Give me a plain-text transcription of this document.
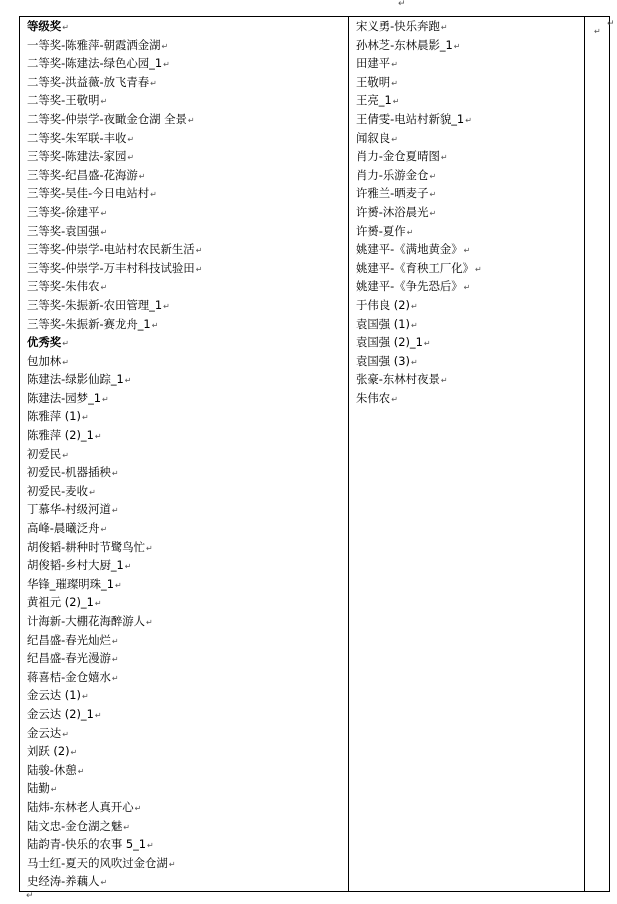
↵
等级奖↵
一等奖-陈雅萍-朝霞洒金湖↵
二等奖-陈建法-绿色心园_1↵
二等奖-洪益薇-放飞青春↵
二等奖-王敬明↵
二等奖-仲崇学-夜瞰金仓湖 全景↵
二等奖-朱军联-丰收↵
三等奖-陈建法-家园↵
三等奖-纪昌盛-花海游↵
三等奖-吴佳-今日电站村↵
三等奖-徐建平↵
三等奖-袁国强↵
三等奖-仲崇学-电站村农民新生活↵
三等奖-仲崇学-万丰村科技试验田↵
三等奖-朱伟农↵
三等奖-朱振新-农田管理_1↵
三等奖-朱振新-赛龙舟_1↵
优秀奖↵
包加林↵
陈建法-绿影仙踪_1↵
陈建法-园梦_1↵
陈雅萍 (1)↵
陈雅萍 (2)_1↵
初爱民↵
初爱民-机器插秧↵
初爱民-麦收↵
丁慕华-村级河道↵
高峰-晨曦泛舟↵
胡俊韬-耕种时节鹭鸟忙↵
胡俊韬-乡村大厨_1↵
华锋_璀璨明珠_1↵
黄祖元 (2)_1↵
计海新-大棚花海醉游人↵
纪昌盛-春光灿烂↵
纪昌盛-春光漫游↵
蒋喜桔-金仓嬉水↵
金云达 (1)↵
金云达 (2)_1↵
金云达↵
刘跃 (2)↵
陆骏-休憩↵
陆勤↵
陆炜-东林老人真开心↵
陆文忠-金仓湖之魅↵
陆韵青-快乐的农事 5_1↵
马士红-夏天的风吹过金仓湖↵
史经涛-养藕人↵

宋义勇-快乐奔跑↵
孙林芝-东林晨影_1↵
田建平↵
王敬明↵
王亮_1↵
王倩雯-电站村新貌_1↵
闻叙良↵
肖力-金仓夏晴图↵
肖力-乐游金仓↵
许雅兰-晒麦子↵
许赟-沐浴晨光↵
许赟-夏作↵
姚建平-《满地黄金》↵
姚建平-《育秧工厂化》↵
姚建平-《争先恐后》↵
于伟良 (2)↵
袁国强 (1)↵
袁国强 (2)_1↵
袁国强 (3)↵
张豪-东林村夜景↵
朱伟农↵

↵
↵
↵
